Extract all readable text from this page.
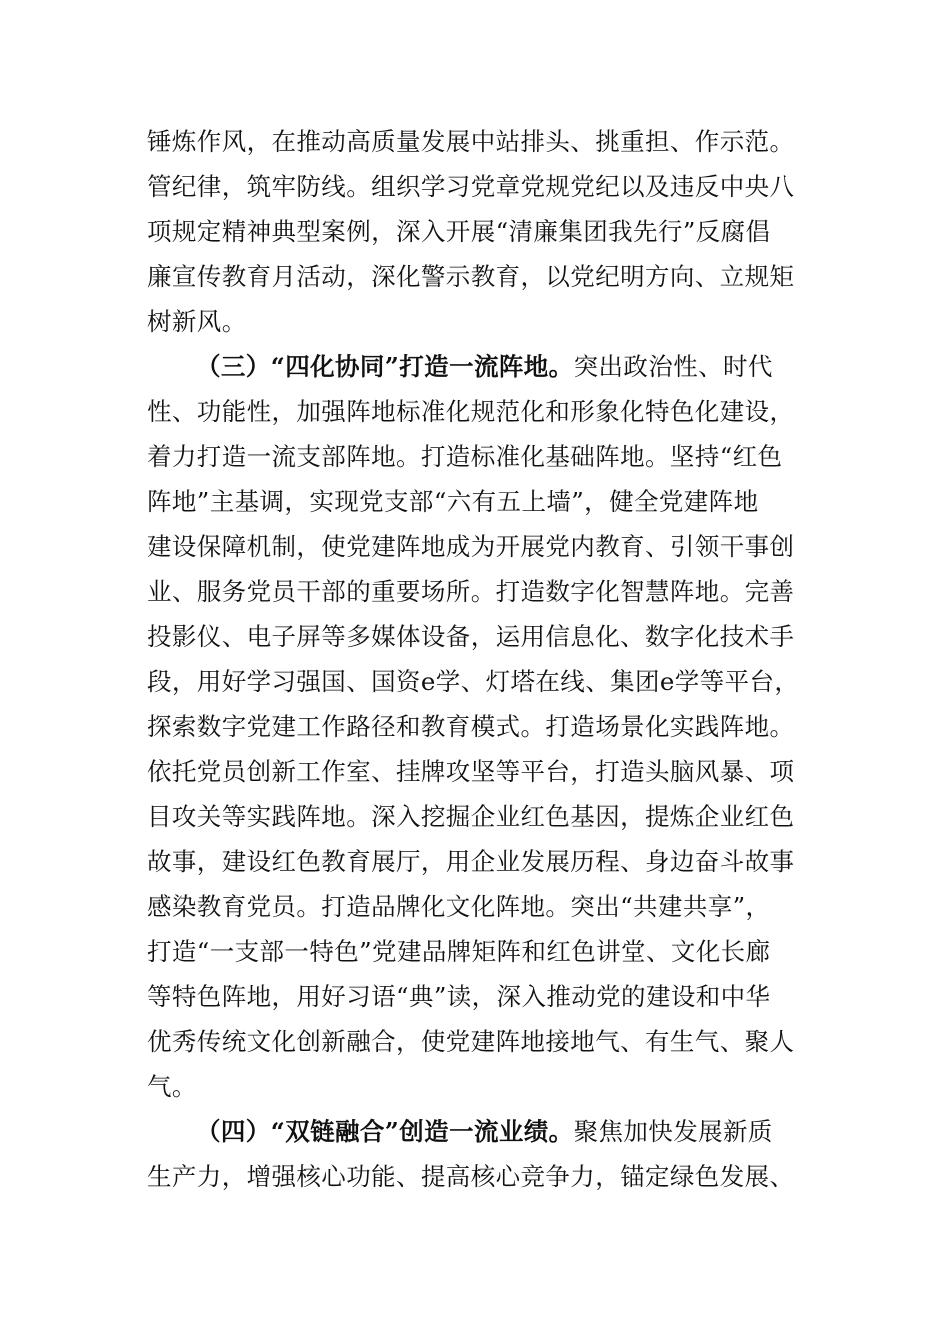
锤炼作风，在推动高质量发展中站排头、挑重担、作示范。
管纪律，筑牢防线。组织学习党章党规党纪以及违反中央八
项规定精神典型案例，深入开展“清廉集团我先行”反腐倡
廉宣传教育月活动，深化警示教育，以党纪明方向、立规矩
树新风。
（三）“四化协同”打造一流阵地。突出政治性、时代
性、功能性，加强阵地标准化规范化和形象化特色化建设，
着力打造一流支部阵地。打造标准化基础阵地。坚持“红色
阵地”主基调，实现党支部“六有五上墙”，健全党建阵地
建设保障机制，使党建阵地成为开展党内教育、引领干事创
业、服务党员干部的重要场所。打造数字化智慧阵地。完善
投影仪、电子屏等多媒体设备，运用信息化、数字化技术手
段，用好学习强国、国资e学、灯塔在线、集团e学等平台，
探索数字党建工作路径和教育模式。打造场景化实践阵地。
依托党员创新工作室、挂牌攻坚等平台，打造头脑风暴、项
目攻关等实践阵地。深入挖掘企业红色基因，提炼企业红色
故事，建设红色教育展厅，用企业发展历程、身边奋斗故事
感染教育党员。打造品牌化文化阵地。突出“共建共享”，
打造“一支部一特色”党建品牌矩阵和红色讲堂、文化长廊
等特色阵地，用好习语“典”读，深入推动党的建设和中华
优秀传统文化创新融合，使党建阵地接地气、有生气、聚人
气。
（四）“双链融合”创造一流业绩。聚焦加快发展新质
生产力，增强核心功能、提高核心竞争力，锚定绿色发展、
